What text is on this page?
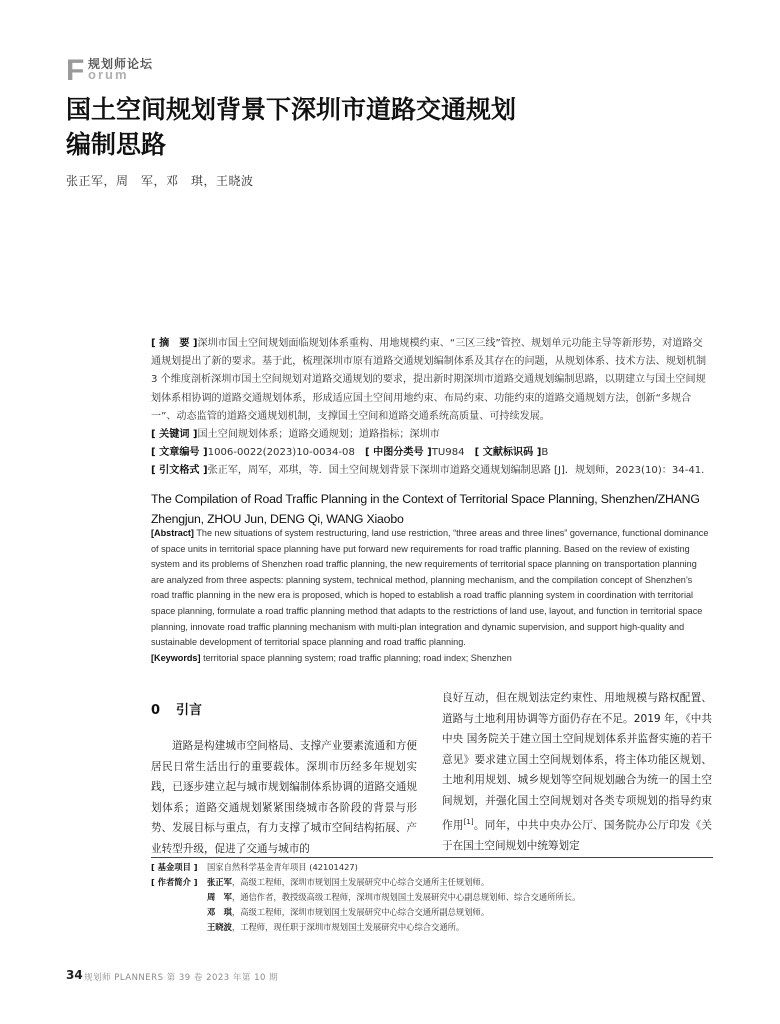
F 规划师论坛
orum
国土空间规划背景下深圳市道路交通规划
编制思路
张正军，周　军，邓　琪，王晓波

[ 摘　要 ]深圳市国土空间规划面临规划体系重构、用地规模约束、“三区三线”管控、规划单元功能主导等新形势，对道路交通规划提出了新的要求。基于此，梳理深圳市原有道路交通规划编制体系及其存在的问题，从规划体系、技术方法、规划机制 3 个维度剖析深圳市国土空间规划对道路交通规划的要求，提出新时期深圳市道路交通规划编制思路，以期建立与国土空间规划体系相协调的道路交通规划体系，形成适应国土空间用地约束、布局约束、功能约束的道路交通规划方法，创新“多规合一”、动态监管的道路交通规划机制，支撑国土空间和道路交通系统高质量、可持续发展。

[ 关键词 ]国土空间规划体系；道路交通规划；道路指标；深圳市

[ 文章编号 ]1006-0022(2023)10-0034-08　 [ 中图分类号 ]TU984　 [ 文献标识码 ]B

[ 引文格式 ]张正军，周军，邓琪，等．国土空间规划背景下深圳市道路交通规划编制思路 [J]．规划师，2023(10)：34-41.

The Compilation of Road Traffic Planning in the Context of Territorial Space Planning, Shenzhen/ZHANG Zhengjun, ZHOU Jun, DENG Qi, WANG Xiaobo

[Abstract] The new situations of system restructuring, land use restriction, “three areas and three lines” governance, functional dominance of space units in territorial space planning have put forward new requirements for road traffic planning. Based on the review of existing system and its problems of Shenzhen road traffic planning, the new requirements of territorial space planning on transportation planning are analyzed from three aspects: planning system, technical method, planning mechanism, and the compilation concept of Shenzhen’s road traffic planning in the new era is proposed, which is hoped to establish a road traffic planning system in coordination with territorial space planning, formulate a road traffic planning method that adapts to the restrictions of land use, layout, and function in territorial space planning, innovate road traffic planning mechanism with multi-plan integration and dynamic supervision, and support high-quality and sustainable development of territorial space planning and road traffic planning.

[Keywords] territorial space planning system; road traffic planning; road index; Shenzhen

0 引言

道路是构建城市空间格局、支撑产业要素流通和方便居民日常生活出行的重要载体。深圳市历经多年规划实践，已逐步建立起与城市规划编制体系协调的道路交通规划体系；道路交通规划紧紧围绕城市各阶段的背景与形势、发展目标与重点，有力支撑了城市空间结构拓展、产业转型升级，促进了交通与城市的

良好互动，但在规划法定约束性、用地规模与路权配置、道路与土地利用协调等方面仍存在不足。2019 年，《中共中央 国务院关于建立国土空间规划体系并监督实施的若干意见》要求建立国土空间规划体系，将主体功能区规划、土地利用规划、城乡规划等空间规划融合为统一的国土空间规划，并强化国土空间规划对各类专项规划的指导约束作用[1]。同年，中共中央办公厅、国务院办公厅印发《关于在国土空间规划中统筹划定

[ 基金项目 ]	国家自然科学基金青年项目 (42101427)
[ 作者简介 ]	张正军，高级工程师，深圳市规划国土发展研究中心综合交通所主任规划师。
周　军，通信作者，教授级高级工程师，深圳市规划国土发展研究中心副总规划师、综合交通所所长。
邓　琪，高级工程师，深圳市规划国土发展研究中心综合交通所副总规划师。
王晓波，工程师，现任职于深圳市规划国土发展研究中心综合交通所。
34 规划师 PLANNERS 第 39 卷 2023 年第 10 期
